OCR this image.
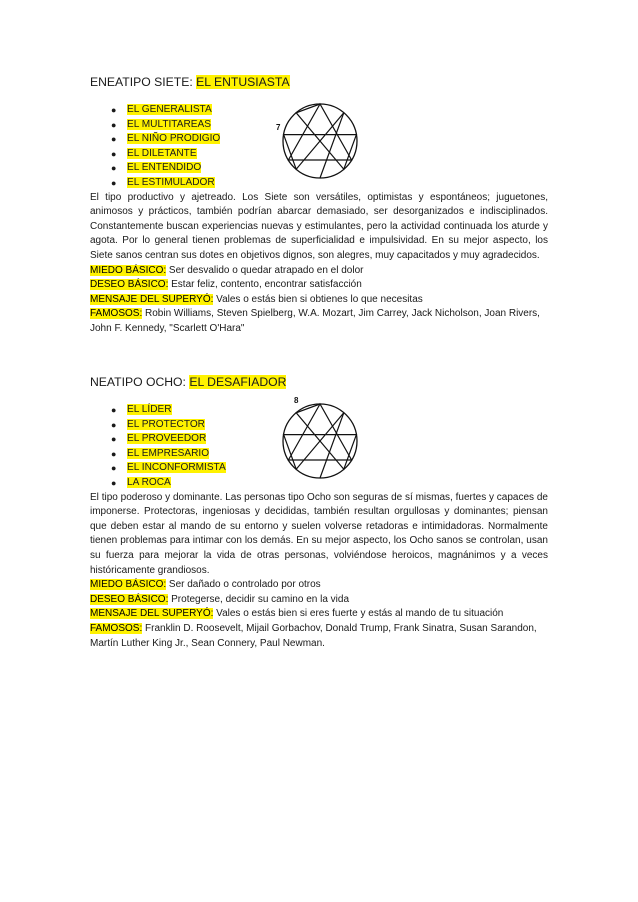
ENEATIPO SIETE: EL ENTUSIASTA
● EL GENERALISTA
● EL MULTITAREAS
● EL NIÑO PRODIGIO
● EL DILETANTE
● EL ENTENDIDO
● EL ESTIMULADOR
7

El tipo productivo y ajetreado. Los Siete son versátiles, optimistas y espontáneos; juguetones, animosos y prácticos, también podrían abarcar demasiado, ser desorganizados e indisciplinados. Constantemente buscan experiencias nuevas y estimulantes, pero la actividad continuada los aturde y agota. Por lo general tienen problemas de superficialidad e impulsividad. En su mejor aspecto, los Siete sanos centran sus dotes en objetivos dignos, son alegres, muy capacitados y muy agradecidos.

MIEDO BÁSICO: Ser desvalido o quedar atrapado en el dolor

DESEO BÁSICO: Estar feliz, contento, encontrar satisfacción

MENSAJE DEL SUPERYÓ: Vales o estás bien si obtienes lo que necesitas

FAMOSOS: Robin Williams, Steven Spielberg, W.A. Mozart, Jim Carrey, Jack Nicholson, Joan Rivers, John F. Kennedy, "Scarlett O'Hara"

NEATIPO OCHO: EL DESAFIADOR
● EL LÍDER
● EL PROTECTOR
● EL PROVEEDOR
● EL EMPRESARIO
● EL INCONFORMISTA
● LA ROCA
8

El tipo poderoso y dominante. Las personas tipo Ocho son seguras de sí mismas, fuertes y capaces de imponerse. Protectoras, ingeniosas y decididas, también resultan orgullosas y dominantes; piensan que deben estar al mando de su entorno y suelen volverse retadoras e intimidadoras. Normalmente tienen problemas para intimar con los demás. En su mejor aspecto, los Ocho sanos se controlan, usan su fuerza para mejorar la vida de otras personas, volviéndose heroicos, magnánimos y a veces históricamente grandiosos.

MIEDO BÁSICO: Ser dañado o controlado por otros

DESEO BÁSICO: Protegerse, decidir su camino en la vida

MENSAJE DEL SUPERYÓ: Vales o estás bien si eres fuerte y estás al mando de tu situación

FAMOSOS: Franklin D. Roosevelt, Mijail Gorbachov, Donald Trump, Frank Sinatra, Susan Sarandon, Martín Luther King Jr., Sean Connery, Paul Newman.
